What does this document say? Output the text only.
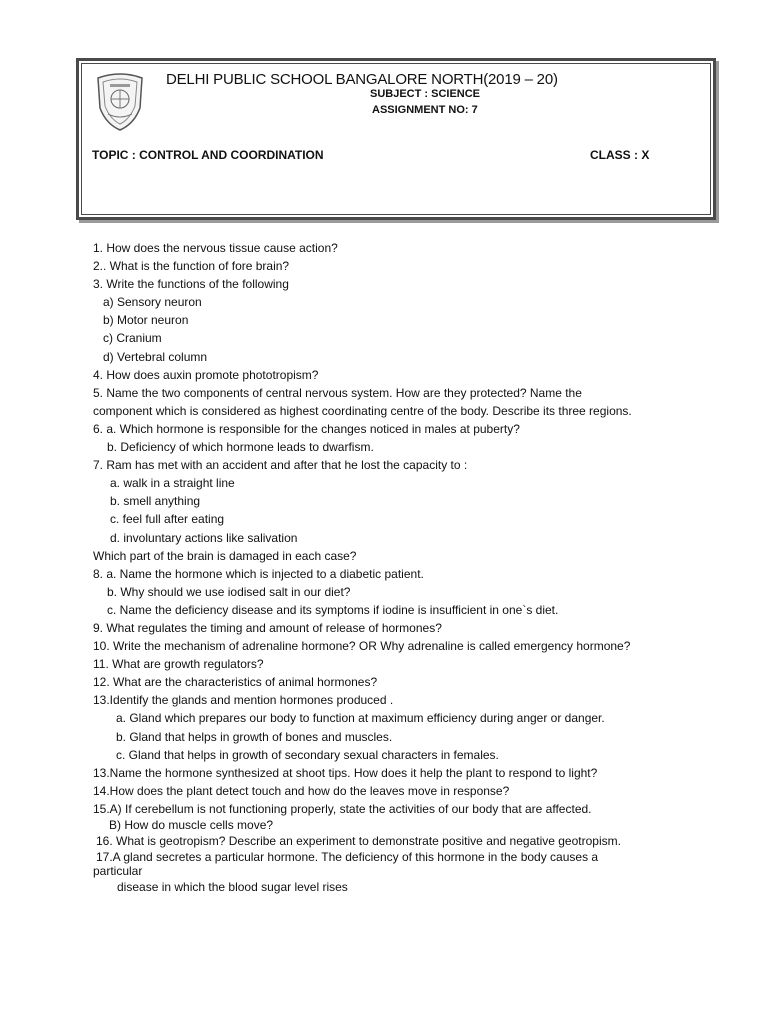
DELHI PUBLIC SCHOOL BANGALORE NORTH(2019 – 20)
SUBJECT : SCIENCE
ASSIGNMENT NO: 7
TOPIC : CONTROL AND COORDINATION	CLASS : X
1. How does the nervous tissue cause action?
2.. What is the function of fore brain?
3. Write the functions of the following
a) Sensory neuron
b) Motor neuron
c) Cranium
d) Vertebral column
4. How does auxin promote phototropism?
5. Name the two components of central nervous system. How are they protected? Name the
component which is considered as highest coordinating centre of the body. Describe its three regions.
6. a. Which hormone is responsible for the changes noticed in males at puberty?
b. Deficiency of which hormone leads to dwarfism.
7. Ram has met with an accident and after that he lost the capacity to :
a. walk in a straight line
b. smell anything
c. feel full after eating
d. involuntary actions like salivation
Which part of the brain is damaged in each case?
8. a. Name the hormone which is injected to a diabetic patient.
b. Why should we use iodised salt in our diet?
c. Name the deficiency disease and its symptoms if iodine is insufficient in one`s diet.
9. What regulates the timing and amount of release of hormones?
10. Write the mechanism of adrenaline hormone? OR Why adrenaline is called emergency hormone?
11. What are growth regulators?
12. What are the characteristics of animal hormones?
13.Identify the glands and mention hormones produced .
a. Gland which prepares our body to function at maximum efficiency during anger or danger.
b. Gland that helps in growth of bones and muscles.
c. Gland that helps in growth of secondary sexual characters in females.
13.Name the hormone synthesized at shoot tips. How does it help the plant to respond to light?
14.How does the plant detect touch and how do the leaves move in response?
15.A) If cerebellum is not functioning properly, state the activities of our body that are affected.
B) How do muscle cells move?
16. What is geotropism? Describe an experiment to demonstrate positive and negative geotropism.
17.A gland secretes a particular hormone. The deficiency of this hormone in the body causes a
particular
disease in which the blood sugar level rises
